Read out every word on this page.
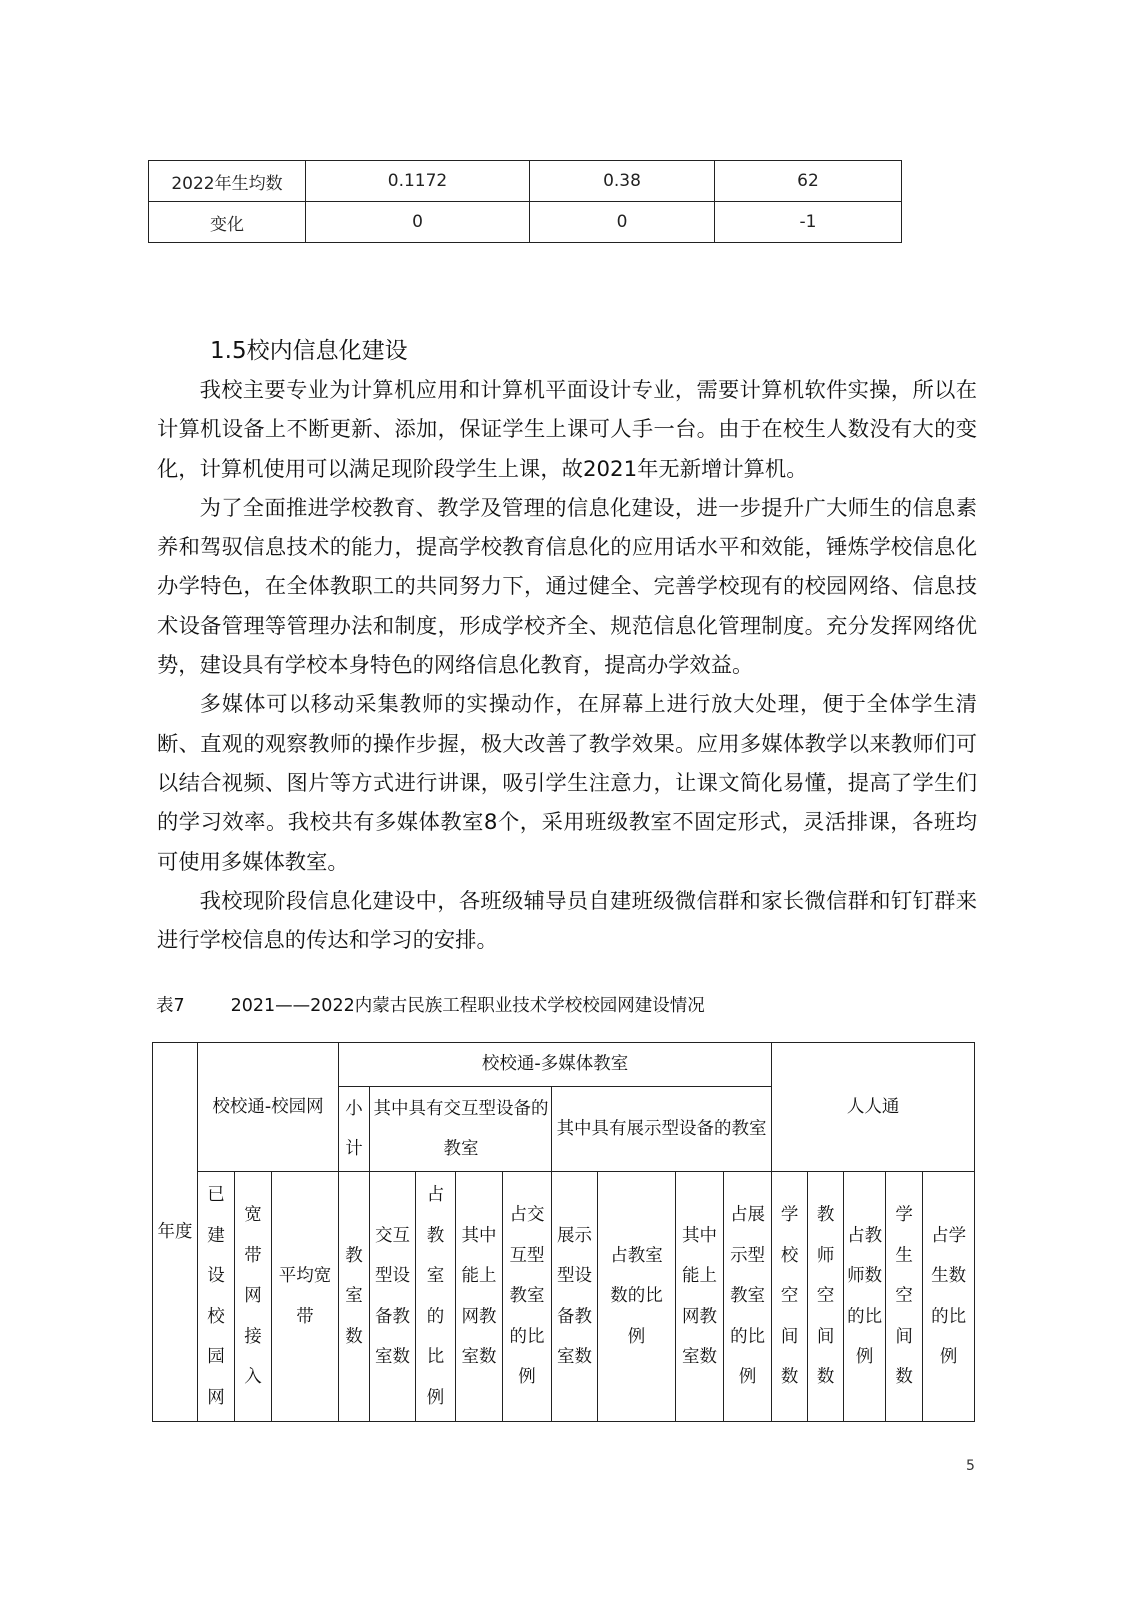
2022年生均数	0.1172	0.38	62
变化	0	0	-1
1.5校内信息化建设

我校主要专业为计算机应用和计算机平面设计专业，需要计算机软件实操，所以在计算机设备上不断更新、添加，保证学生上课可人手一台。由于在校生人数没有大的变化，计算机使用可以满足现阶段学生上课，故2021年无新增计算机。

为了全面推进学校教育、教学及管理的信息化建设，进一步提升广大师生的信息素养和驾驭信息技术的能力，提高学校教育信息化的应用话水平和效能，锤炼学校信息化办学特色，在全体教职工的共同努力下，通过健全、完善学校现有的校园网络、信息技术设备管理等管理办法和制度，形成学校齐全、规范信息化管理制度。充分发挥网络优势，建设具有学校本身特色的网络信息化教育，提高办学效益。

多媒体可以移动采集教师的实操动作，在屏幕上进行放大处理，便于全体学生清断、直观的观察教师的操作步握，极大改善了教学效果。应用多媒体教学以来教师们可以结合视频、图片等方式进行讲课，吸引学生注意力，让课文简化易懂，提高了学生们的学习效率。我校共有多媒体教室8个，采用班级教室不固定形式，灵活排课，各班均可使用多媒体教室。

我校现阶段信息化建设中，各班级辅导员自建班级微信群和家长微信群和钉钉群来进行学校信息的传达和学习的安排。

表7	2021——2022内蒙古民族工程职业技术学校校园网建设情况
年度	校校通-校园网			校校通-多媒体教室									人人通				
				小计	其中具有交互型设备的教室				其中具有展示型设备的教室								
	已建设校园网	宽带网接入	平均宽带	教室数	交互型设备教室数	占教室的比例	其中能上网教室数	占交互型教室的比例	展示型设备教室数	占教室数的比例	其中能上网教室数	占展示型教室的比例	学校空间数	教师空间数	占教师数的比例	学生空间数	占学生数的比例
5
